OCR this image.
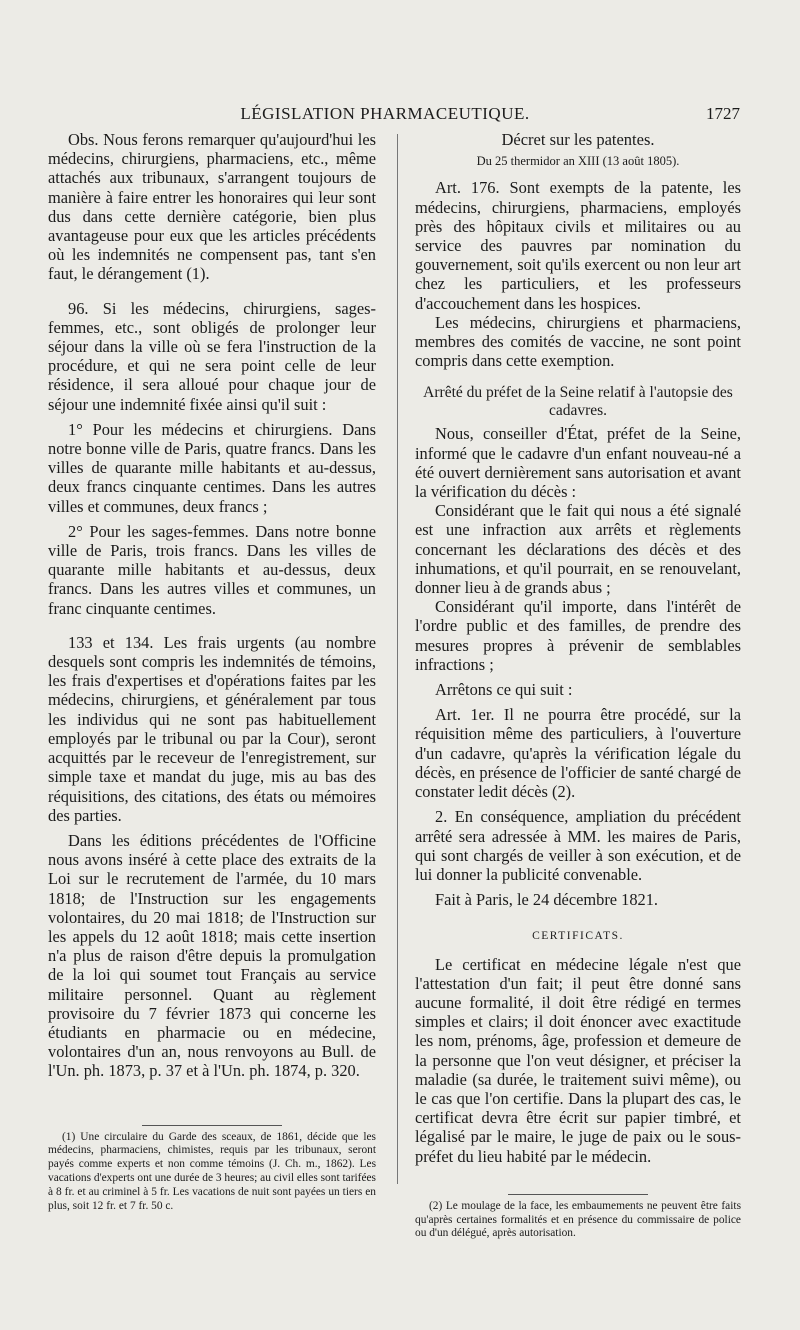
LÉGISLATION PHARMACEUTIQUE.	1727

Obs. Nous ferons remarquer qu'aujourd'hui les médecins, chirurgiens, pharmaciens, etc., même attachés aux tribunaux, s'arrangent toujours de manière à faire entrer les honoraires qui leur sont dus dans cette dernière catégorie, bien plus avantageuse pour eux que les articles précédents où les indemnités ne compensent pas, tant s'en faut, le dérangement (1).

96. Si les médecins, chirurgiens, sages-femmes, etc., sont obligés de prolonger leur séjour dans la ville où se fera l'instruction de la procédure, et qui ne sera point celle de leur résidence, il sera alloué pour chaque jour de séjour une indemnité fixée ainsi qu'il suit :

1° Pour les médecins et chirurgiens. Dans notre bonne ville de Paris, quatre francs. Dans les villes de quarante mille habitants et au-dessus, deux francs cinquante centimes. Dans les autres villes et communes, deux francs ;

2° Pour les sages-femmes. Dans notre bonne ville de Paris, trois francs. Dans les villes de quarante mille habitants et au-dessus, deux francs. Dans les autres villes et communes, un franc cinquante centimes.

133 et 134. Les frais urgents (au nombre desquels sont compris les indemnités de témoins, les frais d'expertises et d'opérations faites par les médecins, chirurgiens, et généralement par tous les individus qui ne sont pas habituellement employés par le tribunal ou par la Cour), seront acquittés par le receveur de l'enregistrement, sur simple taxe et mandat du juge, mis au bas des réquisitions, des citations, des états ou mémoires des parties.

Dans les éditions précédentes de l'Officine nous avons inséré à cette place des extraits de la Loi sur le recrutement de l'armée, du 10 mars 1818; de l'Instruction sur les engagements volontaires, du 20 mai 1818; de l'Instruction sur les appels du 12 août 1818; mais cette insertion n'a plus de raison d'être depuis la promulgation de la loi qui soumet tout Français au service militaire personnel. Quant au règlement provisoire du 7 février 1873 qui concerne les étudiants en pharmacie ou en médecine, volontaires d'un an, nous renvoyons au Bull. de l'Un. ph. 1873, p. 37 et à l'Un. ph. 1874, p. 320.

(1) Une circulaire du Garde des sceaux, de 1861, décide que les médecins, pharmaciens, chimistes, requis par les tribunaux, seront payés comme experts et non comme témoins (J. Ch. m., 1862). Les vacations d'experts ont une durée de 3 heures; au civil elles sont tarifées à 8 fr. et au criminel à 5 fr. Les vacations de nuit sont payées un tiers en plus, soit 12 fr. et 7 fr. 50 c.

Décret sur les patentes.

Du 25 thermidor an XIII (13 août 1805).

Art. 176. Sont exempts de la patente, les médecins, chirurgiens, pharmaciens, employés près des hôpitaux civils et militaires ou au service des pauvres par nomination du gouvernement, soit qu'ils exercent ou non leur art chez les particuliers, et les professeurs d'accouchement dans les hospices.

Les médecins, chirurgiens et pharmaciens, membres des comités de vaccine, ne sont point compris dans cette exemption.

Arrêté du préfet de la Seine relatif à l'autopsie des cadavres.

Nous, conseiller d'État, préfet de la Seine, informé que le cadavre d'un enfant nouveau-né a été ouvert dernièrement sans autorisation et avant la vérification du décès :

Considérant que le fait qui nous a été signalé est une infraction aux arrêts et règlements concernant les déclarations des décès et des inhumations, et qu'il pourrait, en se renouvelant, donner lieu à de grands abus ;

Considérant qu'il importe, dans l'intérêt de l'ordre public et des familles, de prendre des mesures propres à prévenir de semblables infractions ;

Arrêtons ce qui suit :

Art. 1er. Il ne pourra être procédé, sur la réquisition même des particuliers, à l'ouverture d'un cadavre, qu'après la vérification légale du décès, en présence de l'officier de santé chargé de constater ledit décès (2).

2. En conséquence, ampliation du précédent arrêté sera adressée à MM. les maires de Paris, qui sont chargés de veiller à son exécution, et de lui donner la publicité convenable.

Fait à Paris, le 24 décembre 1821.

CERTIFICATS.

Le certificat en médecine légale n'est que l'attestation d'un fait; il peut être donné sans aucune formalité, il doit être rédigé en termes simples et clairs; il doit énoncer avec exactitude les nom, prénoms, âge, profession et demeure de la personne que l'on veut désigner, et préciser la maladie (sa durée, le traitement suivi même), ou le cas que l'on certifie. Dans la plupart des cas, le certificat devra être écrit sur papier timbré, et légalisé par le maire, le juge de paix ou le sous-préfet du lieu habité par le médecin.

(2) Le moulage de la face, les embaumements ne peuvent être faits qu'après certaines formalités et en présence du commissaire de police ou d'un délégué, après autorisation.
